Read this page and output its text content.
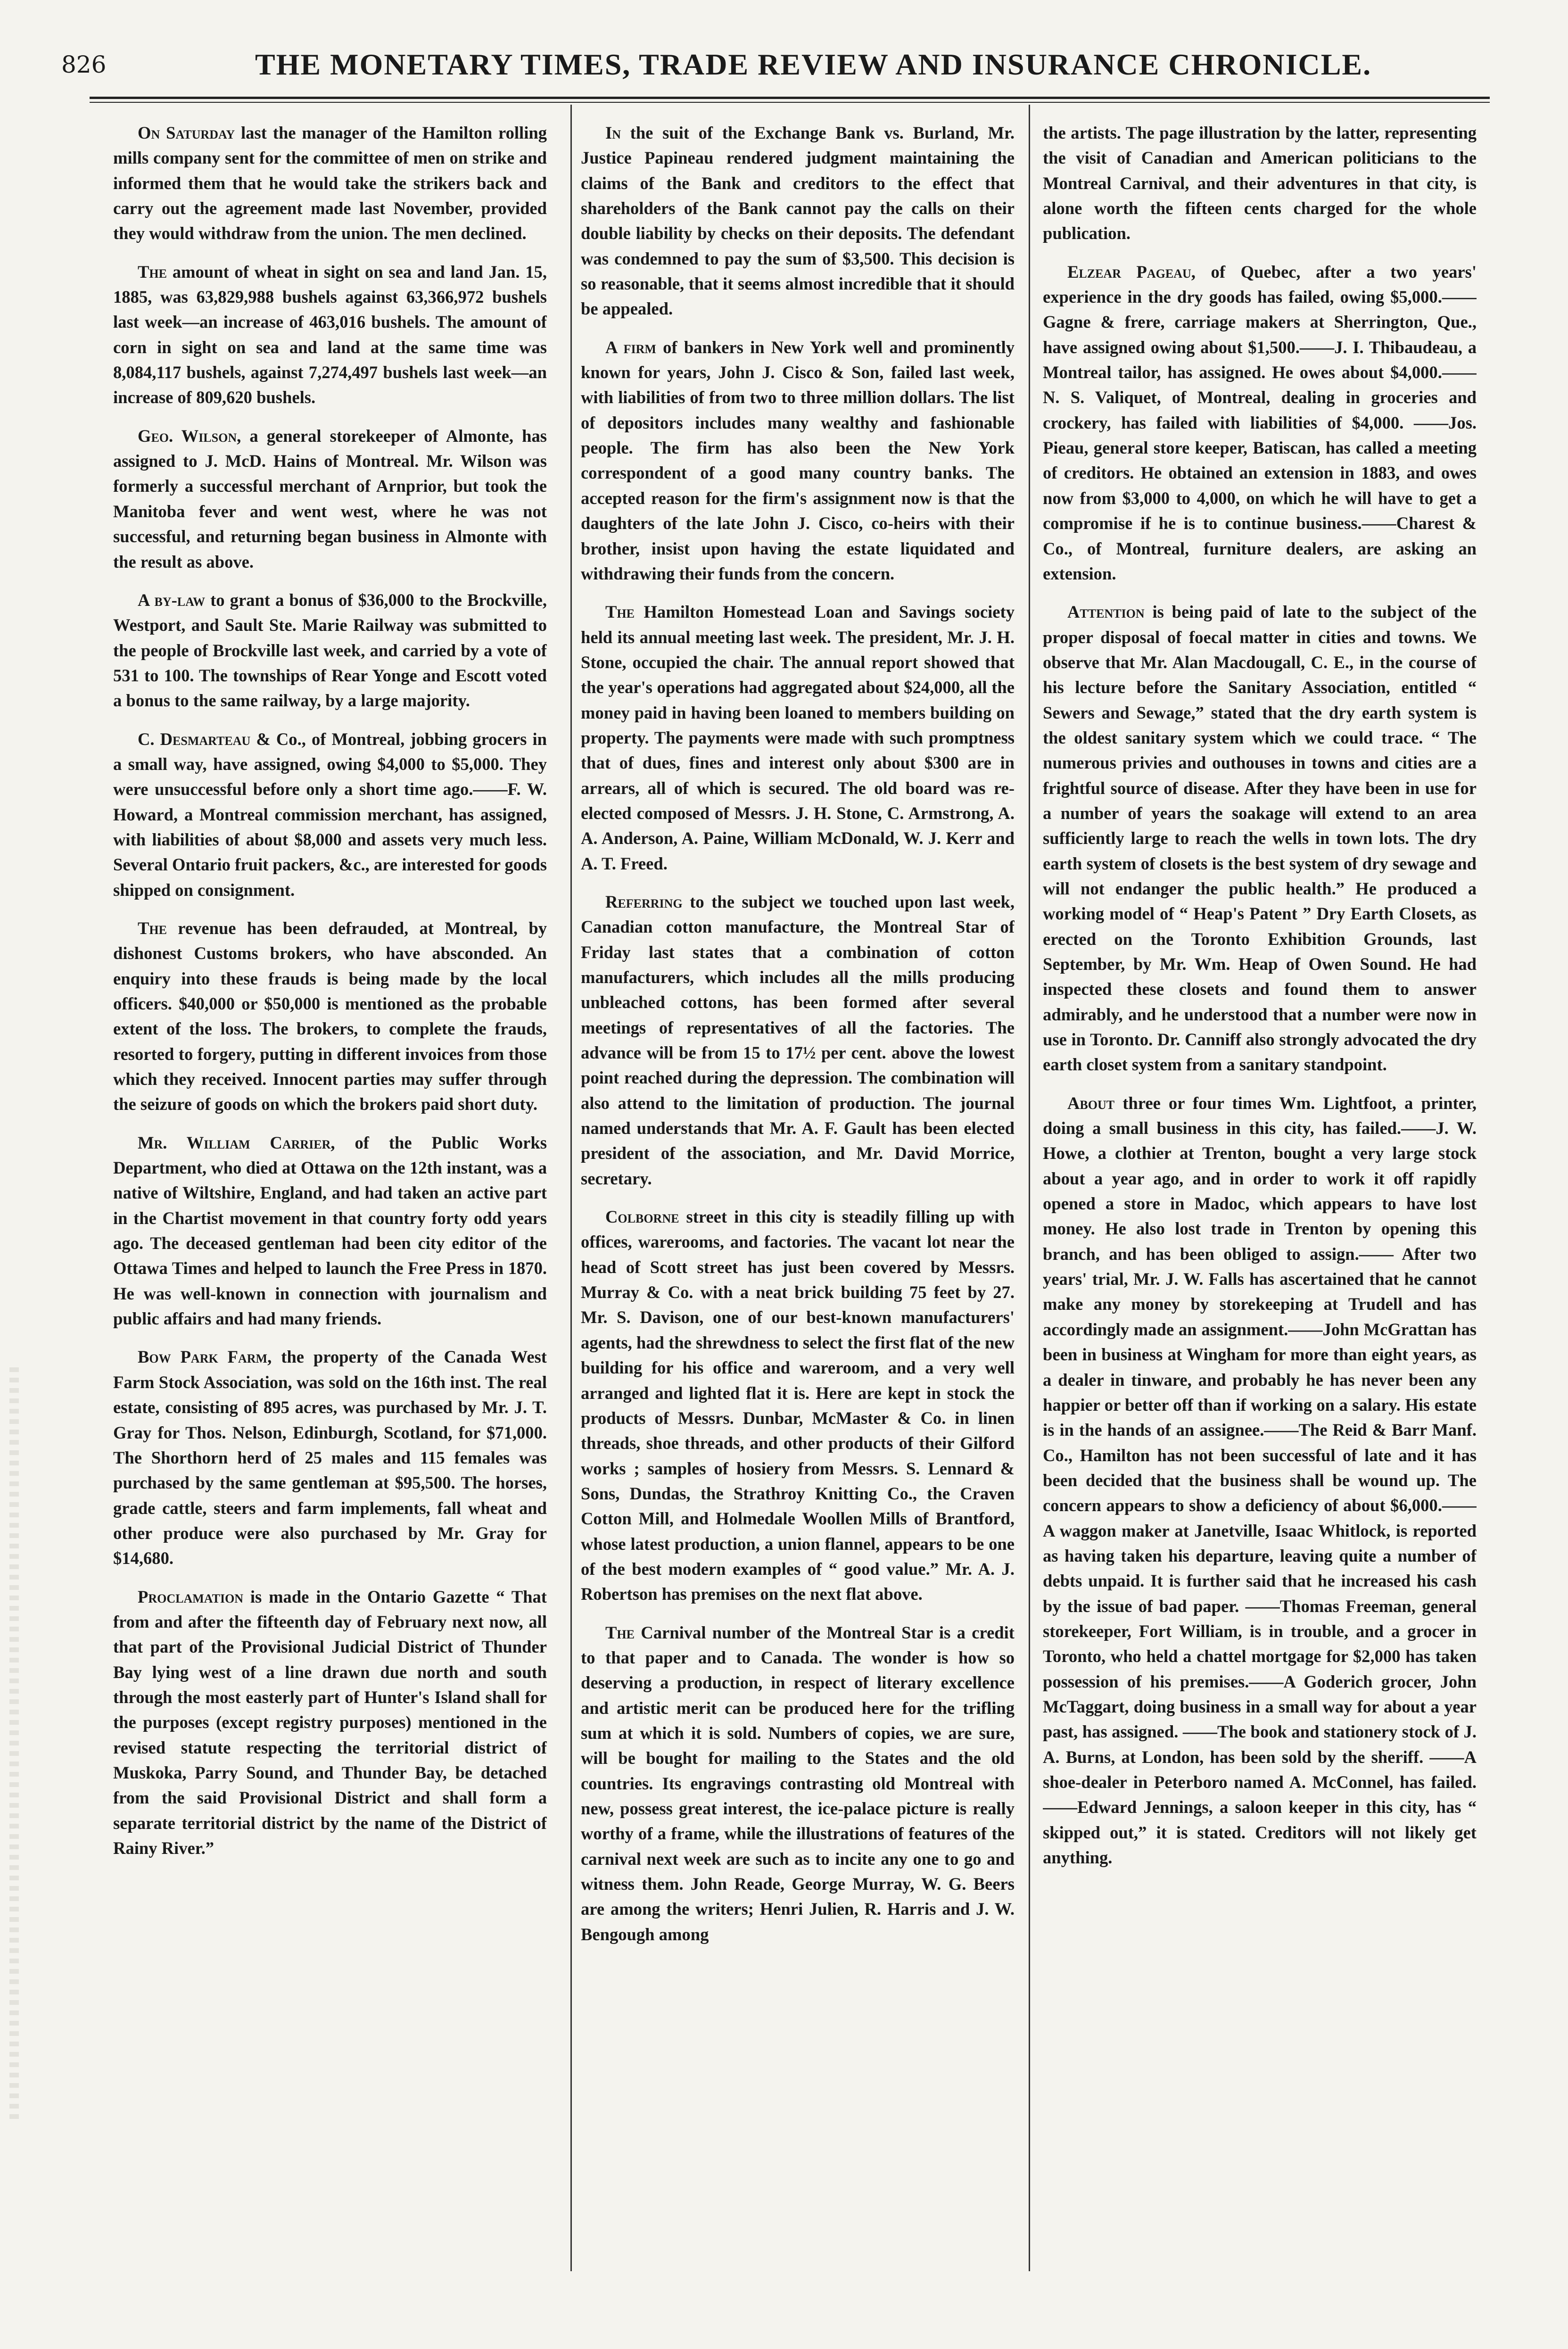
826	THE MONETARY TIMES, TRADE REVIEW AND INSURANCE CHRONICLE.

On Saturday last the manager of the Hamilton rolling mills company sent for the committee of men on strike and informed them that he would take the strikers back and carry out the agreement made last November, provided they would withdraw from the union. The men declined.

The amount of wheat in sight on sea and land Jan. 15, 1885, was 63,829,988 bushels against 63,366,972 bushels last week—an increase of 463,016 bushels. The amount of corn in sight on sea and land at the same time was 8,084,117 bushels, against 7,274,497 bushels last week—an increase of 809,620 bushels.

Geo. Wilson, a general storekeeper of Almonte, has assigned to J. McD. Hains of Montreal. Mr. Wilson was formerly a successful merchant of Arnprior, but took the Manitoba fever and went west, where he was not successful, and returning began business in Almonte with the result as above.

A by-law to grant a bonus of $36,000 to the Brockville, Westport, and Sault Ste. Marie Railway was submitted to the people of Brockville last week, and carried by a vote of 531 to 100. The townships of Rear Yonge and Escott voted a bonus to the same railway, by a large majority.

C. Desmarteau & Co., of Montreal, jobbing grocers in a small way, have assigned, owing $4,000 to $5,000. They were unsuccessful before only a short time ago.——F. W. Howard, a Montreal commission merchant, has assigned, with liabilities of about $8,000 and assets very much less. Several Ontario fruit packers, &c., are interested for goods shipped on consignment.

The revenue has been defrauded, at Montreal, by dishonest Customs brokers, who have absconded. An enquiry into these frauds is being made by the local officers. $40,000 or $50,000 is mentioned as the probable extent of the loss. The brokers, to complete the frauds, resorted to forgery, putting in different invoices from those which they received. Innocent parties may suffer through the seizure of goods on which the brokers paid short duty.

Mr. William Carrier, of the Public Works Department, who died at Ottawa on the 12th instant, was a native of Wiltshire, England, and had taken an active part in the Chartist movement in that country forty odd years ago. The deceased gentleman had been city editor of the Ottawa Times and helped to launch the Free Press in 1870. He was well-known in connection with journalism and public affairs and had many friends.

Bow Park Farm, the property of the Canada West Farm Stock Association, was sold on the 16th inst. The real estate, consisting of 895 acres, was purchased by Mr. J. T. Gray for Thos. Nelson, Edinburgh, Scotland, for $71,000. The Shorthorn herd of 25 males and 115 females was purchased by the same gentleman at $95,500. The horses, grade cattle, steers and farm implements, fall wheat and other produce were also purchased by Mr. Gray for $14,680.

Proclamation is made in the Ontario Gazette “ That from and after the fifteenth day of February next now, all that part of the Provisional Judicial District of Thunder Bay lying west of a line drawn due north and south through the most easterly part of Hunter's Island shall for the purposes (except registry purposes) mentioned in the revised statute respecting the territorial district of Muskoka, Parry Sound, and Thunder Bay, be detached from the said Provisional District and shall form a separate territorial district by the name of the District of Rainy River.”

In the suit of the Exchange Bank vs. Burland, Mr. Justice Papineau rendered judgment maintaining the claims of the Bank and creditors to the effect that shareholders of the Bank cannot pay the calls on their double liability by checks on their deposits. The defendant was condemned to pay the sum of $3,500. This decision is so reasonable, that it seems almost incredible that it should be appealed.

A firm of bankers in New York well and prominently known for years, John J. Cisco & Son, failed last week, with liabilities of from two to three million dollars. The list of depositors includes many wealthy and fashionable people. The firm has also been the New York correspondent of a good many country banks. The accepted reason for the firm's assignment now is that the daughters of the late John J. Cisco, co-heirs with their brother, insist upon having the estate liquidated and withdrawing their funds from the concern.

The Hamilton Homestead Loan and Savings society held its annual meeting last week. The president, Mr. J. H. Stone, occupied the chair. The annual report showed that the year's operations had aggregated about $24,000, all the money paid in having been loaned to members building on property. The payments were made with such promptness that of dues, fines and interest only about $300 are in arrears, all of which is secured. The old board was re-elected composed of Messrs. J. H. Stone, C. Armstrong, A. A. Anderson, A. Paine, William McDonald, W. J. Kerr and A. T. Freed.

Referring to the subject we touched upon last week, Canadian cotton manufacture, the Montreal Star of Friday last states that a combination of cotton manufacturers, which includes all the mills producing unbleached cottons, has been formed after several meetings of representatives of all the factories. The advance will be from 15 to 17½ per cent. above the lowest point reached during the depression. The combination will also attend to the limitation of production. The journal named understands that Mr. A. F. Gault has been elected president of the association, and Mr. David Morrice, secretary.

Colborne street in this city is steadily filling up with offices, warerooms, and factories. The vacant lot near the head of Scott street has just been covered by Messrs. Murray & Co. with a neat brick building 75 feet by 27. Mr. S. Davison, one of our best-known manufacturers' agents, had the shrewdness to select the first flat of the new building for his office and wareroom, and a very well arranged and lighted flat it is. Here are kept in stock the products of Messrs. Dunbar, McMaster & Co. in linen threads, shoe threads, and other products of their Gilford works ; samples of hosiery from Messrs. S. Lennard & Sons, Dundas, the Strathroy Knitting Co., the Craven Cotton Mill, and Holmedale Woollen Mills of Brantford, whose latest production, a union flannel, appears to be one of the best modern examples of “ good value.” Mr. A. J. Robertson has premises on the next flat above.

The Carnival number of the Montreal Star is a credit to that paper and to Canada. The wonder is how so deserving a production, in respect of literary excellence and artistic merit can be produced here for the trifling sum at which it is sold. Numbers of copies, we are sure, will be bought for mailing to the States and the old countries. Its engravings contrasting old Montreal with new, possess great interest, the ice-palace picture is really worthy of a frame, while the illustrations of features of the carnival next week are such as to incite any one to go and witness them. John Reade, George Murray, W. G. Beers are among the writers; Henri Julien, R. Harris and J. W. Bengough among

the artists. The page illustration by the latter, representing the visit of Canadian and American politicians to the Montreal Carnival, and their adventures in that city, is alone worth the fifteen cents charged for the whole publication.

Elzear Pageau, of Quebec, after a two years' experience in the dry goods has failed, owing $5,000.——Gagne & frere, carriage makers at Sherrington, Que., have assigned owing about $1,500.——J. I. Thibaudeau, a Montreal tailor, has assigned. He owes about $4,000.——N. S. Valiquet, of Montreal, dealing in groceries and crockery, has failed with liabilities of $4,000. ——Jos. Pieau, general store keeper, Batiscan, has called a meeting of creditors. He obtained an extension in 1883, and owes now from $3,000 to 4,000, on which he will have to get a compromise if he is to continue business.——Charest & Co., of Montreal, furniture dealers, are asking an extension.

Attention is being paid of late to the subject of the proper disposal of foecal matter in cities and towns. We observe that Mr. Alan Macdougall, C. E., in the course of his lecture before the Sanitary Association, entitled “ Sewers and Sewage,” stated that the dry earth system is the oldest sanitary system which we could trace. “ The numerous privies and outhouses in towns and cities are a frightful source of disease. After they have been in use for a number of years the soakage will extend to an area sufficiently large to reach the wells in town lots. The dry earth system of closets is the best system of dry sewage and will not endanger the public health.” He produced a working model of “ Heap's Patent ” Dry Earth Closets, as erected on the Toronto Exhibition Grounds, last September, by Mr. Wm. Heap of Owen Sound. He had inspected these closets and found them to answer admirably, and he understood that a number were now in use in Toronto. Dr. Canniff also strongly advocated the dry earth closet system from a sanitary standpoint.

About three or four times Wm. Lightfoot, a printer, doing a small business in this city, has failed.——J. W. Howe, a clothier at Trenton, bought a very large stock about a year ago, and in order to work it off rapidly opened a store in Madoc, which appears to have lost money. He also lost trade in Trenton by opening this branch, and has been obliged to assign.—— After two years' trial, Mr. J. W. Falls has ascertained that he cannot make any money by storekeeping at Trudell and has accordingly made an assignment.——John McGrattan has been in business at Wingham for more than eight years, as a dealer in tinware, and probably he has never been any happier or better off than if working on a salary. His estate is in the hands of an assignee.——The Reid & Barr Manf. Co., Hamilton has not been successful of late and it has been decided that the business shall be wound up. The concern appears to show a deficiency of about $6,000.——A waggon maker at Janetville, Isaac Whitlock, is reported as having taken his departure, leaving quite a number of debts unpaid. It is further said that he increased his cash by the issue of bad paper. ——Thomas Freeman, general storekeeper, Fort William, is in trouble, and a grocer in Toronto, who held a chattel mortgage for $2,000 has taken possession of his premises.——A Goderich grocer, John McTaggart, doing business in a small way for about a year past, has assigned. ——The book and stationery stock of J. A. Burns, at London, has been sold by the sheriff. ——A shoe-dealer in Peterboro named A. McConnel, has failed.——Edward Jennings, a saloon keeper in this city, has “ skipped out,” it is stated. Creditors will not likely get anything.
